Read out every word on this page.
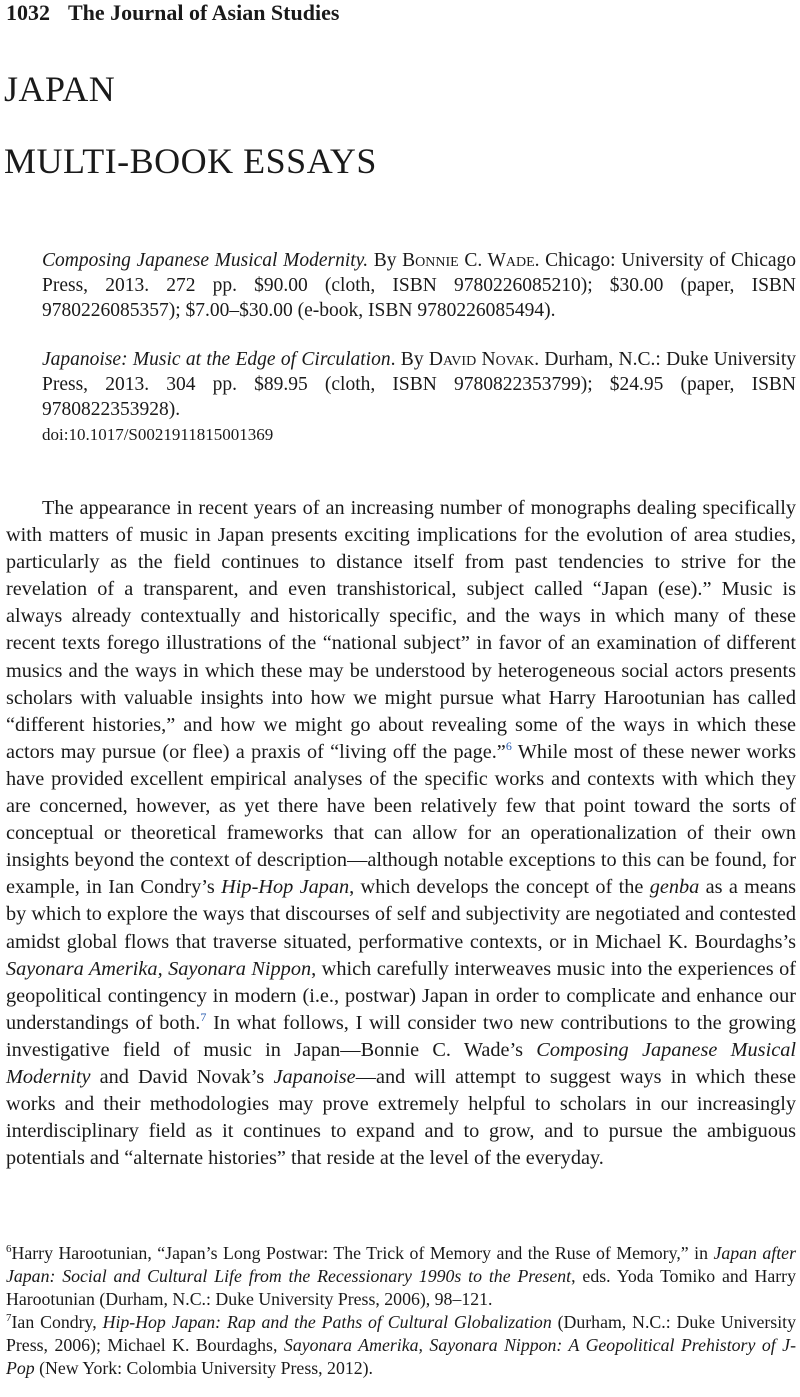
1032 The Journal of Asian Studies
JAPAN
MULTI-BOOK ESSAYS
Composing Japanese Musical Modernity. By Bonnie C. Wade. Chicago: University of Chicago Press, 2013. 272 pp. $90.00 (cloth, ISBN 9780226085210); $30.00 (paper, ISBN 9780226085357); $7.00–$30.00 (e-book, ISBN 9780226085494).
Japanoise: Music at the Edge of Circulation. By David Novak. Durham, N.C.: Duke University Press, 2013. 304 pp. $89.95 (cloth, ISBN 9780822353799); $24.95 (paper, ISBN 9780822353928).
doi:10.1017/S0021911815001369

The appearance in recent years of an increasing number of monographs dealing specifically with matters of music in Japan presents exciting implications for the evolution of area studies, particularly as the field continues to distance itself from past tendencies to strive for the revelation of a transparent, and even transhistorical, subject called “Japan (ese).” Music is always already contextually and historically specific, and the ways in which many of these recent texts forego illustrations of the “national subject” in favor of an examination of different musics and the ways in which these may be understood by heterogeneous social actors presents scholars with valuable insights into how we might pursue what Harry Harootunian has called “different histories,” and how we might go about revealing some of the ways in which these actors may pursue (or flee) a praxis of “living off the page.”$^6$ While most of these newer works have provided excellent empirical analyses of the specific works and contexts with which they are concerned, however, as yet there have been relatively few that point toward the sorts of conceptual or theoretical frameworks that can allow for an operationalization of their own insights beyond the context of description—although notable exceptions to this can be found, for example, in Ian Condry’s Hip-Hop Japan, which develops the concept of the genba as a means by which to explore the ways that discourses of self and subjectivity are negotiated and contested amidst global flows that traverse situated, performative contexts, or in Michael K. Bourdaghs’s Sayonara Amerika, Sayonara Nippon, which carefully interweaves music into the experiences of geopolitical contingency in modern (i.e., postwar) Japan in order to complicate and enhance our understandings of both.$^7$ In what follows, I will consider two new contributions to the growing investigative field of music in Japan—Bonnie C. Wade’s Composing Japanese Musical Modernity and David Novak’s Japanoise—and will attempt to suggest ways in which these works and their methodologies may prove extremely helpful to scholars in our increasingly interdisciplinary field as it continues to expand and to grow, and to pursue the ambiguous potentials and “alternate histories” that reside at the level of the everyday.

$^6$Harry Harootunian, “Japan’s Long Postwar: The Trick of Memory and the Ruse of Memory,” in Japan after Japan: Social and Cultural Life from the Recessionary 1990s to the Present, eds. Yoda Tomiko and Harry Harootunian (Durham, N.C.: Duke University Press, 2006), 98–121.

$^7$Ian Condry, Hip-Hop Japan: Rap and the Paths of Cultural Globalization (Durham, N.C.: Duke University Press, 2006); Michael K. Bourdaghs, Sayonara Amerika, Sayonara Nippon: A Geopolitical Prehistory of J-Pop (New York: Colombia University Press, 2012).
